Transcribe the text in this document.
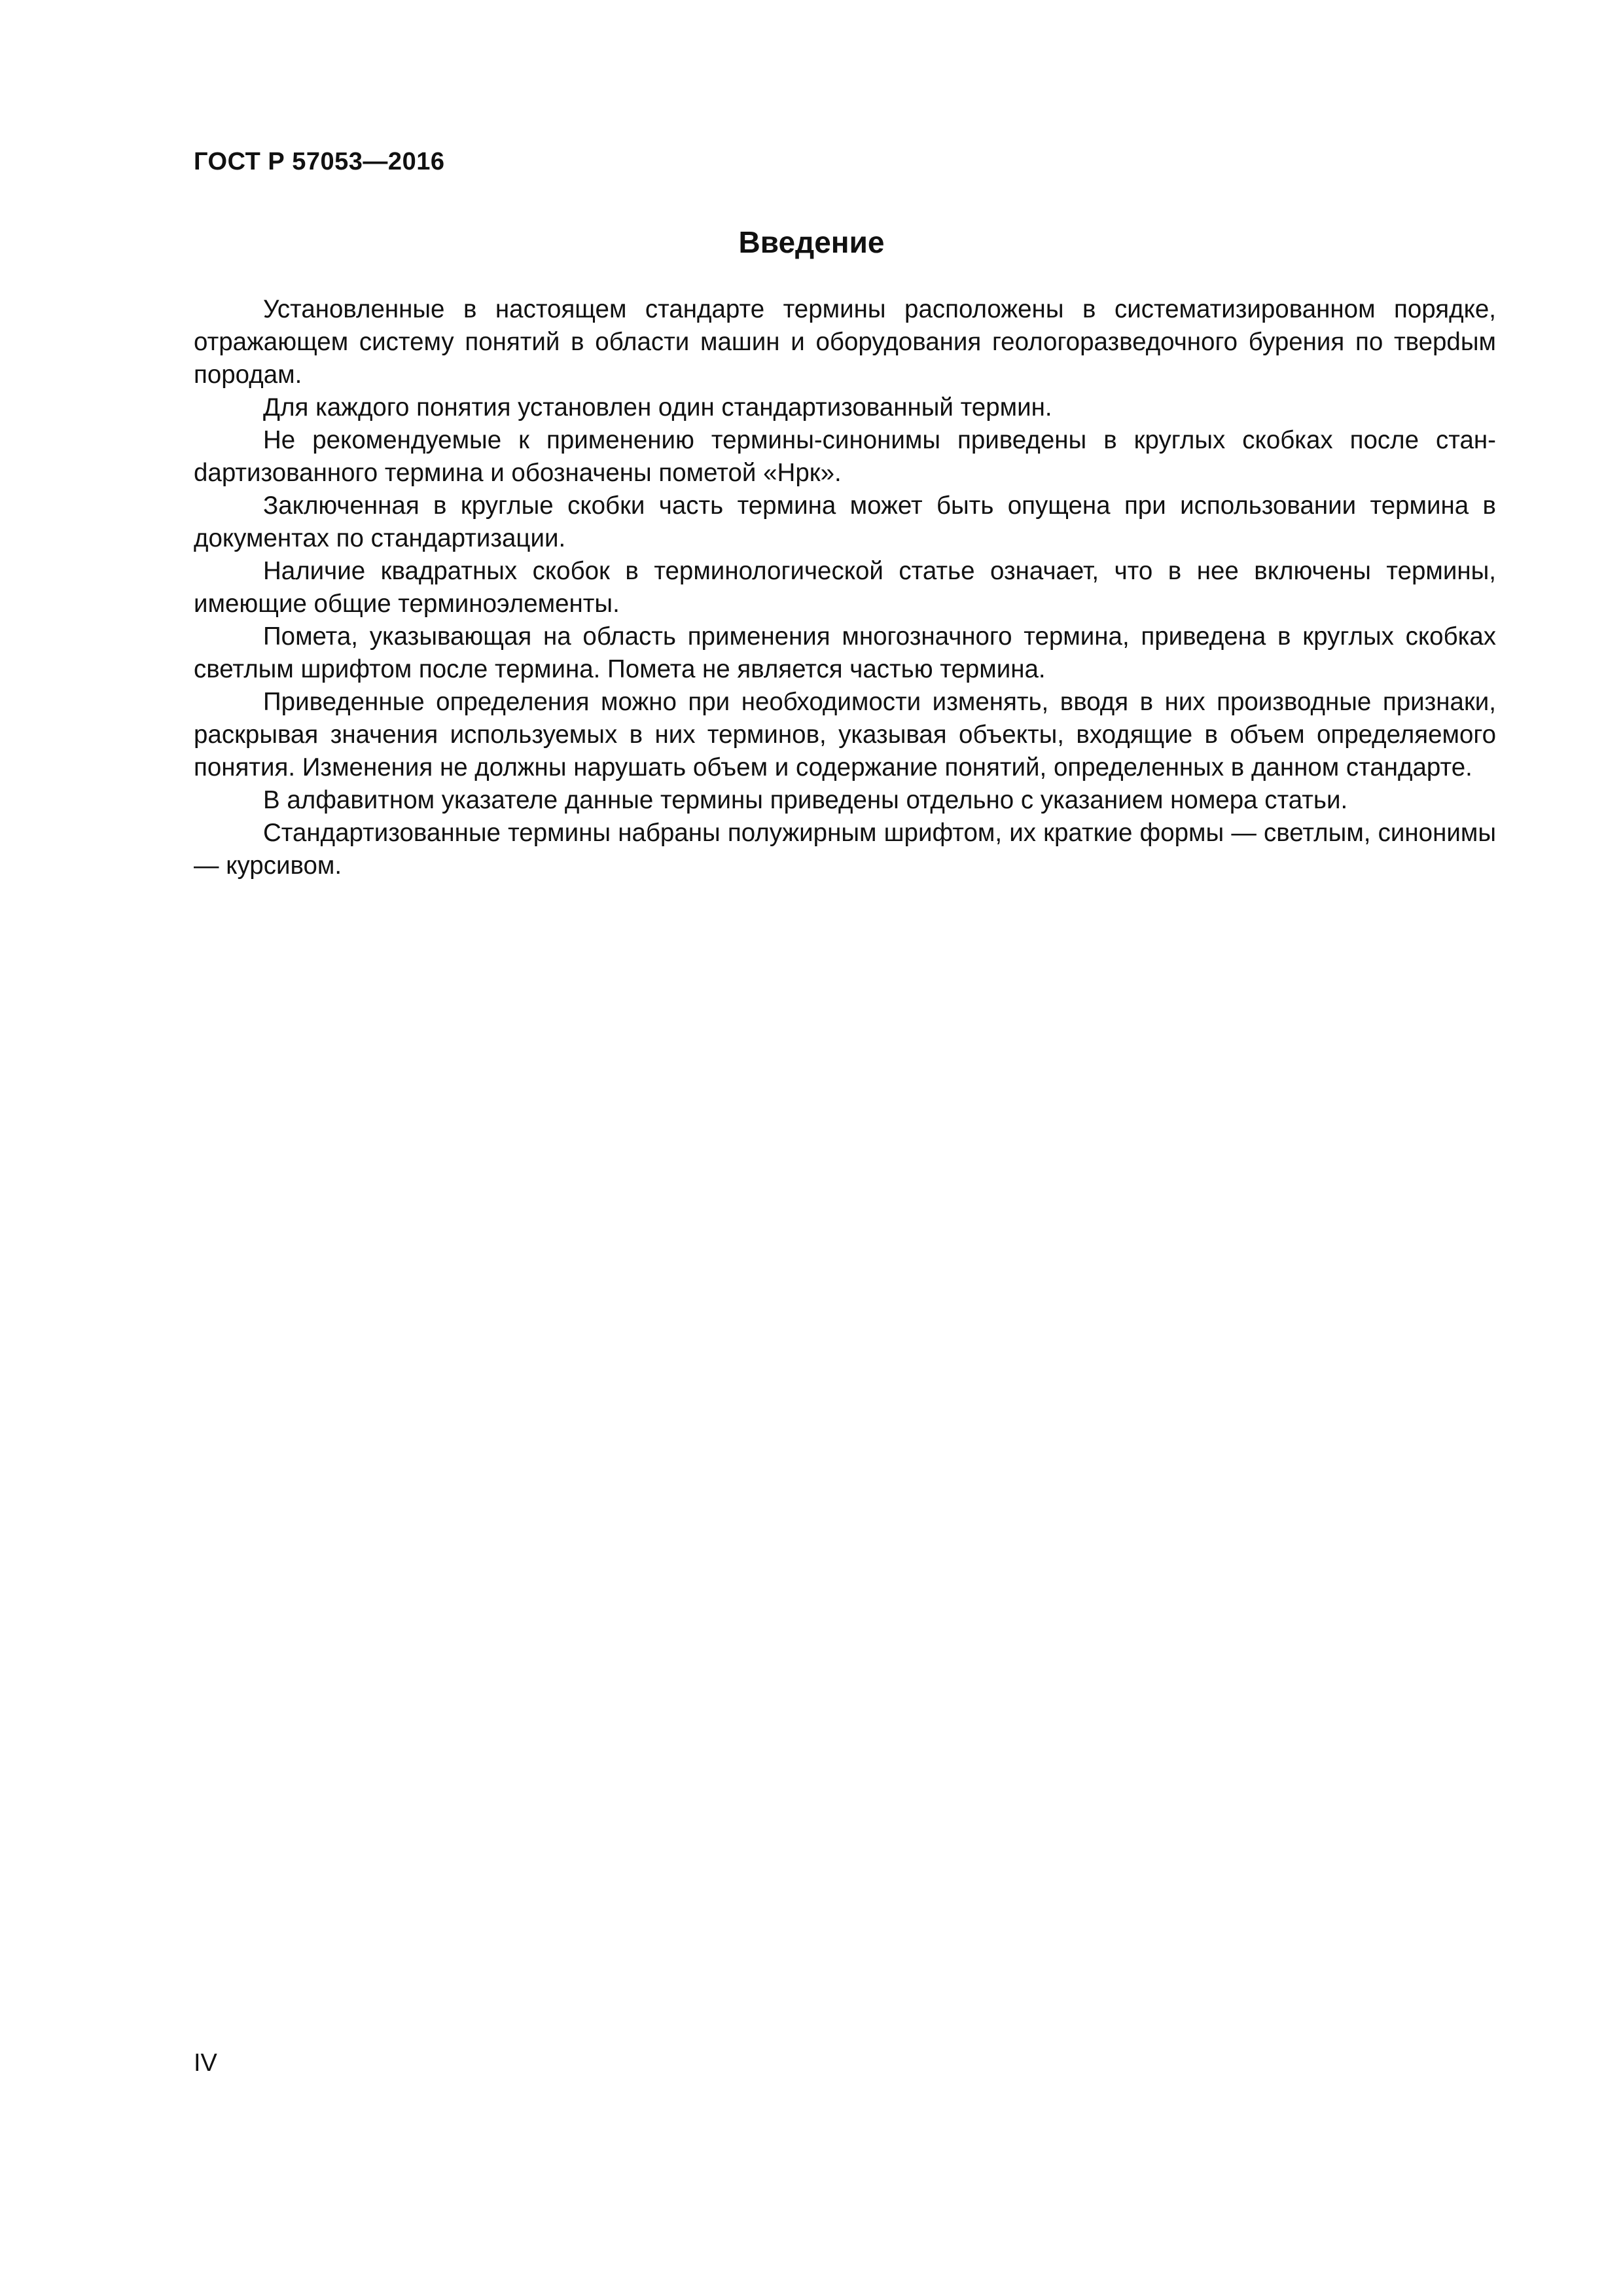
ГОСТ Р 57053—2016
Введение

Установленные в настоящем стандарте термины расположены в систематизированном порядке, отражающем систему понятий в области машин и оборудования геологоразведочного бурения по тверdым породам.

Для каждого понятия установлен один стандартизованный термин.

Не рекомендуемые к применению термины-синонимы приведены в круглых скобках после станdартизованного термина и обозначены пометой «Нрк».

Заключенная в круглые скобки часть термина может быть опущена при использовании термина в документах по стандартизации.

Наличие квадратных скобок в терминологической статье означает, что в нее включены термины, имеющие общие терминоэлементы.

Помета, указывающая на область применения многозначного термина, приведена в круглых скобках светлым шрифтом после термина. Помета не является частью термина.

Приведенные определения можно при необходимости изменять, вводя в них производные признаки, раскрывая значения используемых в них терминов, указывая объекты, входящие в объем определяемого понятия. Изменения не должны нарушать объем и содержание понятий, определенных в данном стандарте.

В алфавитном указателе данные термины приведены отдельно с указанием номера статьи.

Стандартизованные термины набраны полужирным шрифтом, их краткие формы — светлым, синонимы — курсивом.

IV
